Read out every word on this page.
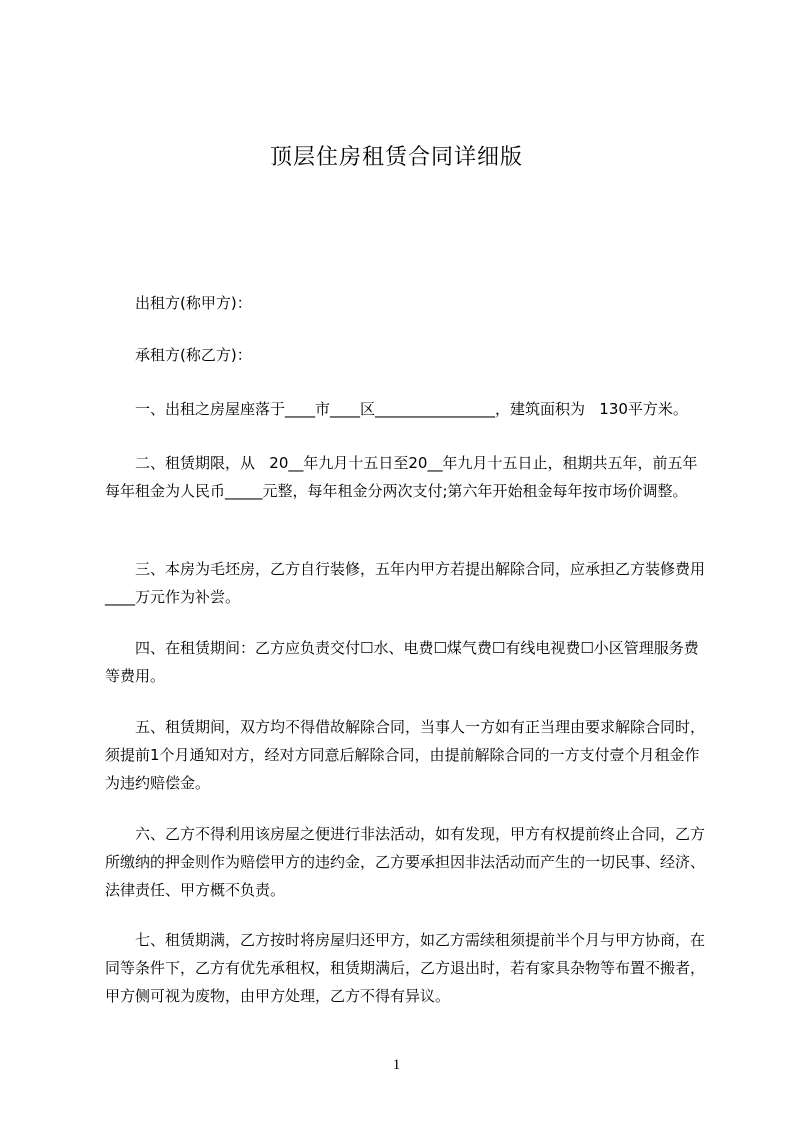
顶层住房租赁合同详细版

出租方(称甲方)：

承租方(称乙方)：

一、出租之房屋座落于____市____区________________，建筑面积为   130平方米。

二、租赁期限，从   20__年九月十五日至20__年九月十五日止，租期共五年，前五年每年租金为人民币_____元整，每年租金分两次支付;第六年开始租金每年按市场价调整。

三、本房为毛坯房，乙方自行装修，五年内甲方若提出解除合同，应承担乙方装修费用____万元作为补尝。

四、在租赁期间：乙方应负责交付☐水、电费☐煤气费☐有线电视费☐小区管理服务费等费用。

五、租赁期间，双方均不得借故解除合同，当事人一方如有正当理由要求解除合同时，须提前1个月通知对方，经对方同意后解除合同，由提前解除合同的一方支付壹个月租金作为违约赔偿金。

六、乙方不得利用该房屋之便进行非法活动，如有发现，甲方有权提前终止合同，乙方所缴纳的押金则作为赔偿甲方的违约金，乙方要承担因非法活动而产生的一切民事、经济、法律责任、甲方概不负责。

七、租赁期满，乙方按时将房屋归还甲方，如乙方需续租须提前半个月与甲方协商，在同等条件下，乙方有优先承租权，租赁期满后，乙方退出时，若有家具杂物等布置不搬者，甲方侧可视为废物，由甲方处理，乙方不得有异议。

1
